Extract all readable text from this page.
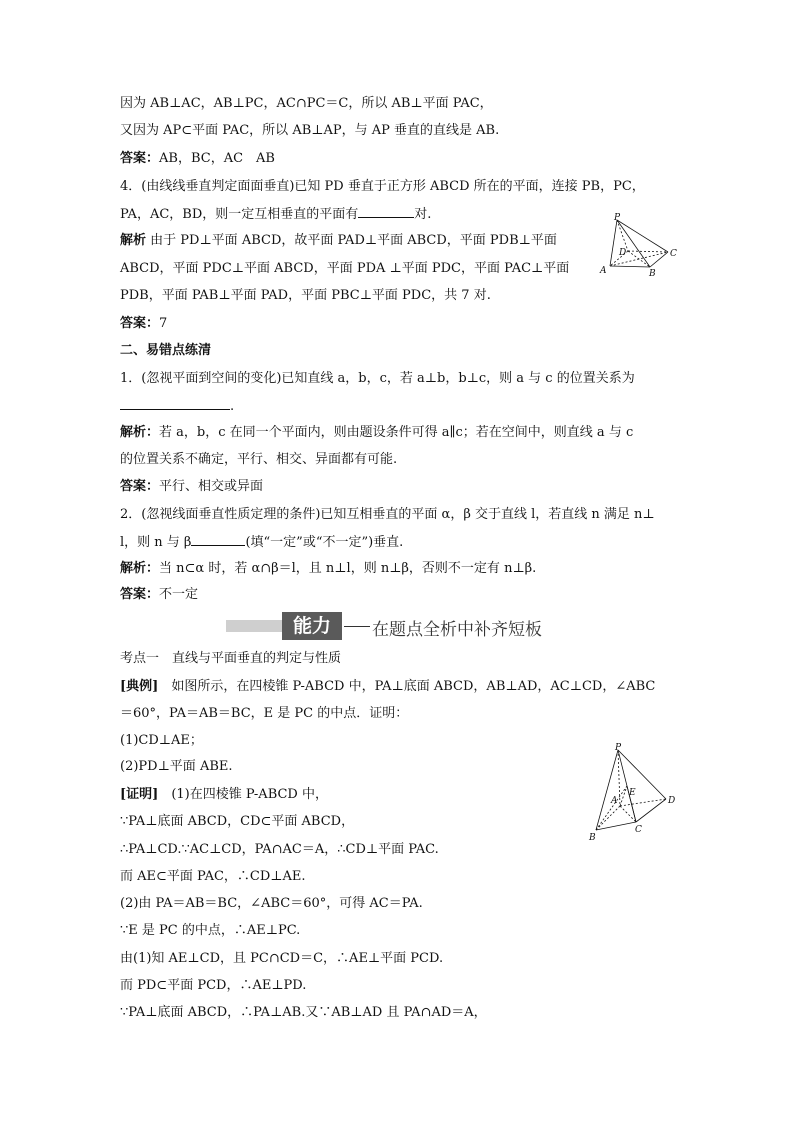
因为 AB⊥AC，AB⊥PC，AC∩PC＝C，所以 AB⊥平面 PAC，
又因为 AP⊂平面 PAC，所以 AB⊥AP，与 AP 垂直的直线是 AB.
答案：AB，BC，AC　AB
4．(由线线垂直判定面面垂直)已知 PD 垂直于正方形 ABCD 所在的平面，连接 PB，PC，
PA，AC，BD，则一定互相垂直的平面有	对.
解析 由于 PD⊥平面 ABCD，故平面 PAD⊥平面 ABCD，平面 PDB⊥平面
ABCD，平面 PDC⊥平面 ABCD，平面 PDA ⊥平面 PDC，平面 PAC⊥平面
PDB，平面 PAB⊥平面 PAD，平面 PBC⊥平面 PDC，共 7 对.
答案：7
二、易错点练清
1．(忽视平面到空间的变化)已知直线 a，b，c，若 a⊥b，b⊥c，则 a 与 c 的位置关系为
.
解析：若 a，b，c 在同一个平面内，则由题设条件可得 a∥c；若在空间中，则直线 a 与 c
的位置关系不确定，平行、相交、异面都有可能.
答案：平行、相交或异面
2．(忽视线面垂直性质定理的条件)已知互相垂直的平面 α，β 交于直线 l，若直线 n 满足 n⊥
l，则 n 与 β	(填“一定”或“不一定”)垂直.
解析：当 n⊂α 时，若 α∩β＝l，且 n⊥l，则 n⊥β，否则不一定有 n⊥β.
答案：不一定
能力	在题点全析中补齐短板
考点一　直线与平面垂直的判定与性质
[典例]　 如图所示，在四棱锥 P-ABCD 中，PA⊥底面 ABCD，AB⊥AD，AC⊥CD，∠ABC
＝60°，PA＝AB＝BC，E 是 PC 的中点．证明：
(1)CD⊥AE；
(2)PD⊥平面 ABE.
[证明]　 (1)在四棱锥 P-ABCD 中，
∵PA⊥底面 ABCD，CD⊂平面 ABCD，
∴PA⊥CD.∵AC⊥CD，PA∩AC＝A，∴CD⊥平面 PAC.
而 AE⊂平面 PAC，∴CD⊥AE.
(2)由 PA＝AB＝BC，∠ABC＝60°，可得 AC＝PA.
∵E 是 PC 的中点，∴AE⊥PC.
由(1)知 AE⊥CD，且 PC∩CD＝C，∴AE⊥平面 PCD.
而 PD⊂平面 PCD，∴AE⊥PD.
∵PA⊥底面 ABCD，∴PA⊥AB.又∵AB⊥AD 且 PA∩AD＝A，
P
D	C
A	B
P
A
E
D
B
C
